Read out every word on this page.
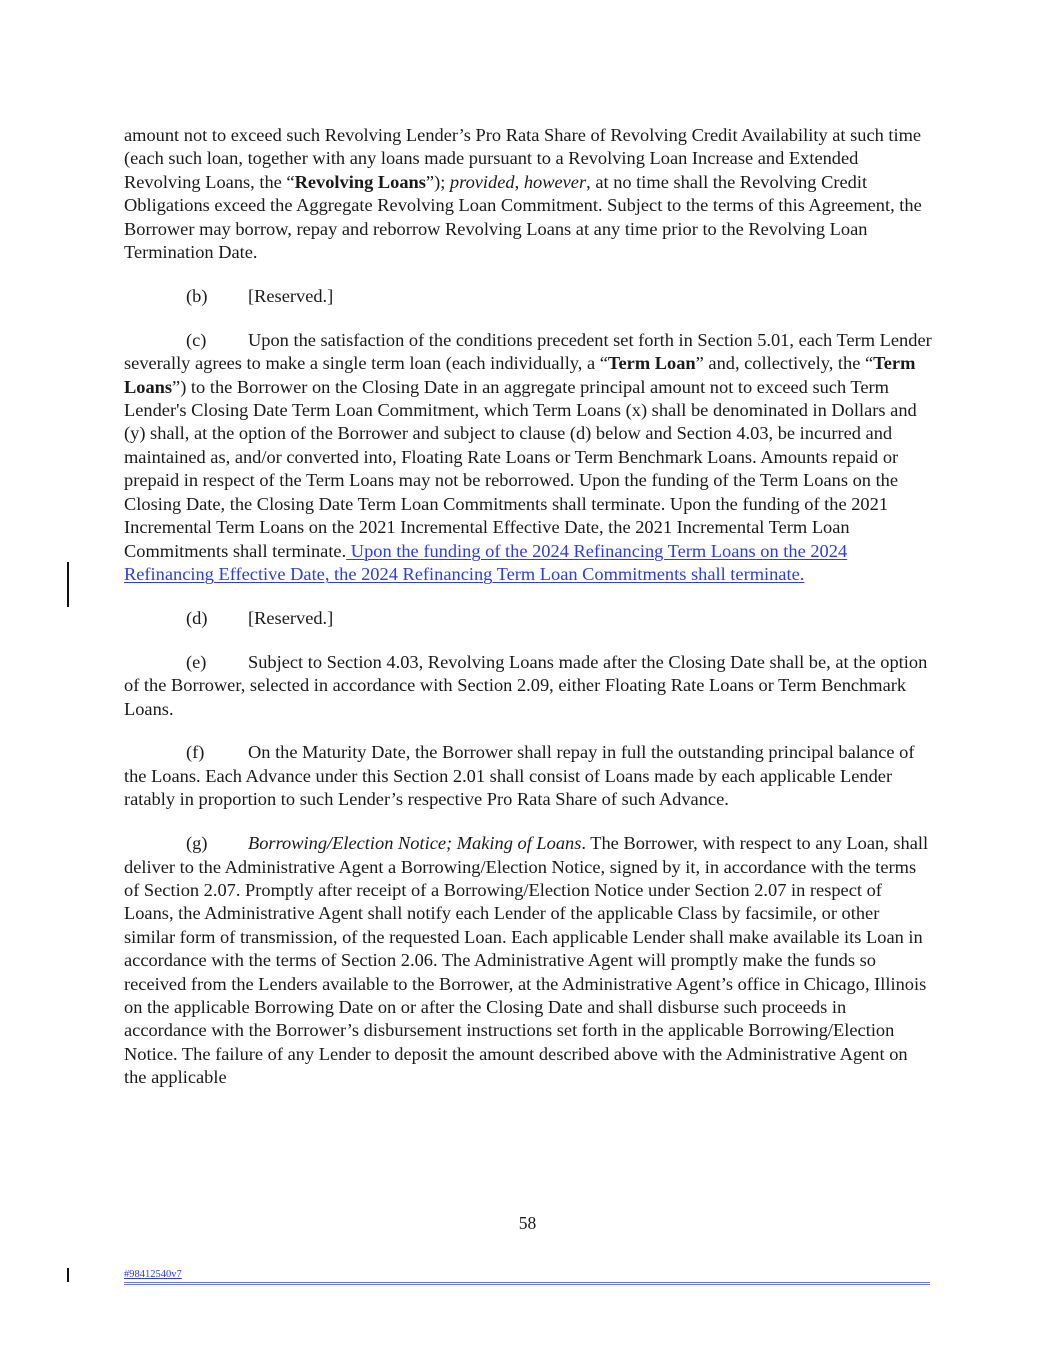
amount not to exceed such Revolving Lender’s Pro Rata Share of Revolving Credit Availability at such time (each such loan, together with any loans made pursuant to a Revolving Loan Increase and Extended Revolving Loans, the “Revolving Loans”); provided, however, at no time shall the Revolving Credit Obligations exceed the Aggregate Revolving Loan Commitment. Subject to the terms of this Agreement, the Borrower may borrow, repay and reborrow Revolving Loans at any time prior to the Revolving Loan Termination Date.

(b) [Reserved.]

(c) Upon the satisfaction of the conditions precedent set forth in Section 5.01, each Term Lender severally agrees to make a single term loan (each individually, a “Term Loan” and, collectively, the “Term Loans”) to the Borrower on the Closing Date in an aggregate principal amount not to exceed such Term Lender's Closing Date Term Loan Commitment, which Term Loans (x) shall be denominated in Dollars and (y) shall, at the option of the Borrower and subject to clause (d) below and Section 4.03, be incurred and maintained as, and/or converted into, Floating Rate Loans or Term Benchmark Loans. Amounts repaid or prepaid in respect of the Term Loans may not be reborrowed. Upon the funding of the Term Loans on the Closing Date, the Closing Date Term Loan Commitments shall terminate. Upon the funding of the 2021 Incremental Term Loans on the 2021 Incremental Effective Date, the 2021 Incremental Term Loan Commitments shall terminate. Upon the funding of the 2024 Refinancing Term Loans on the 2024 Refinancing Effective Date, the 2024 Refinancing Term Loan Commitments shall terminate.

(d) [Reserved.]

(e) Subject to Section 4.03, Revolving Loans made after the Closing Date shall be, at the option of the Borrower, selected in accordance with Section 2.09, either Floating Rate Loans or Term Benchmark Loans.

(f) On the Maturity Date, the Borrower shall repay in full the outstanding principal balance of the Loans. Each Advance under this Section 2.01 shall consist of Loans made by each applicable Lender ratably in proportion to such Lender’s respective Pro Rata Share of such Advance.

(g) Borrowing/Election Notice; Making of Loans. The Borrower, with respect to any Loan, shall deliver to the Administrative Agent a Borrowing/Election Notice, signed by it, in accordance with the terms of Section 2.07. Promptly after receipt of a Borrowing/Election Notice under Section 2.07 in respect of Loans, the Administrative Agent shall notify each Lender of the applicable Class by facsimile, or other similar form of transmission, of the requested Loan. Each applicable Lender shall make available its Loan in accordance with the terms of Section 2.06. The Administrative Agent will promptly make the funds so received from the Lenders available to the Borrower, at the Administrative Agent’s office in Chicago, Illinois on the applicable Borrowing Date on or after the Closing Date and shall disburse such proceeds in accordance with the Borrower’s disbursement instructions set forth in the applicable Borrowing/Election Notice. The failure of any Lender to deposit the amount described above with the Administrative Agent on the applicable

58
#98412540v7
